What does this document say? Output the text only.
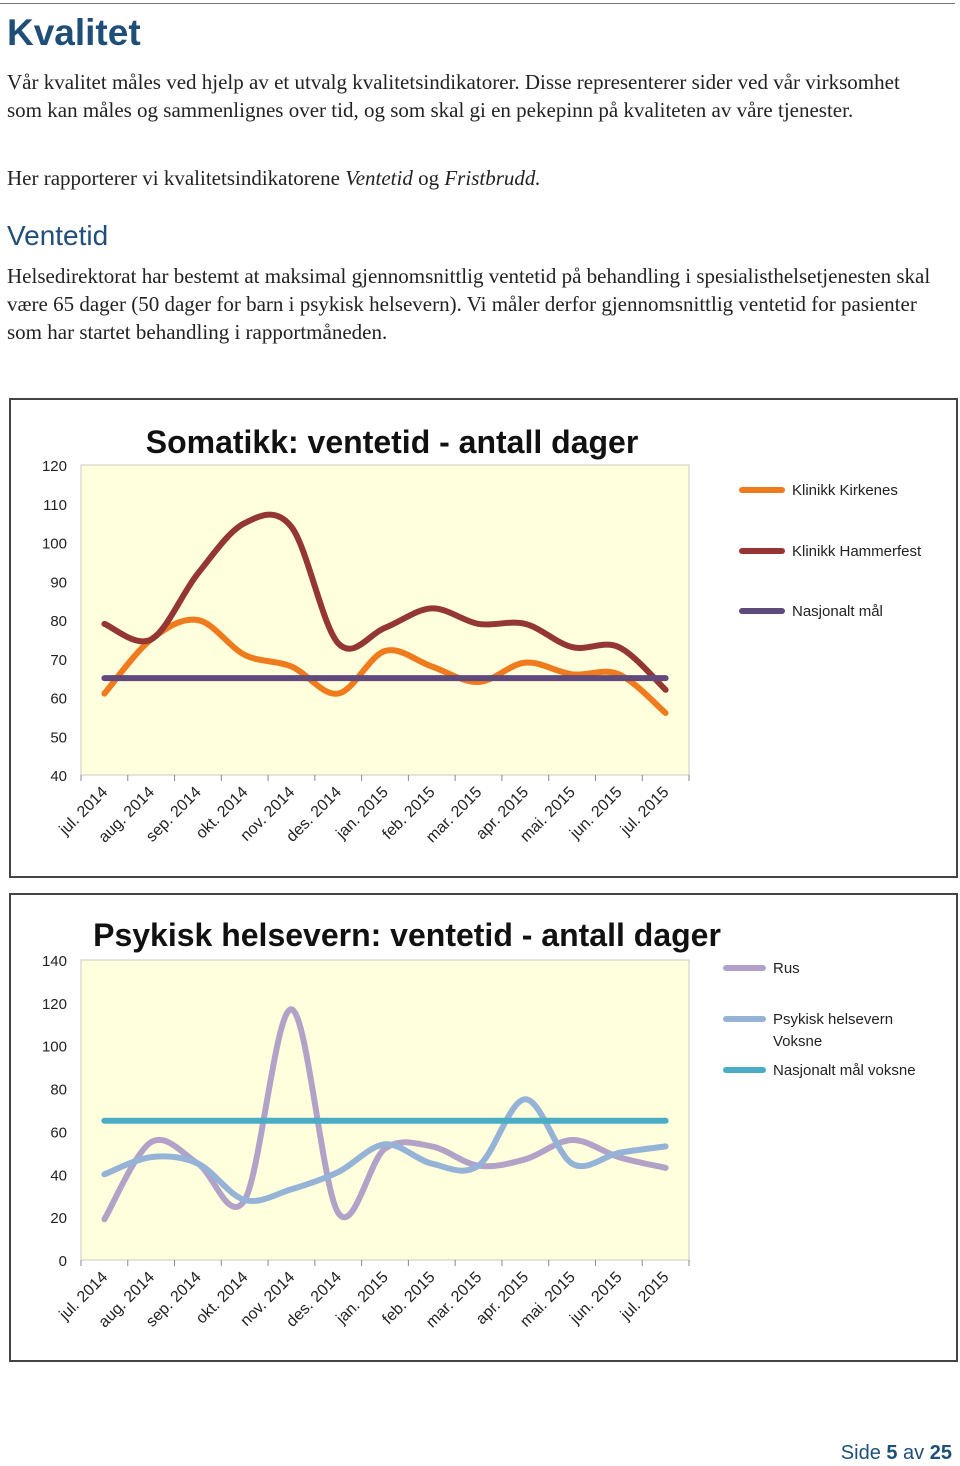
Kvalitet

Vår kvalitet måles ved hjelp av et utvalg kvalitetsindikatorer. Disse representerer sider ved vår virksomhet som kan måles og sammenlignes over tid, og som skal gi en pekepinn på kvaliteten av våre tjenester.

Her rapporterer vi kvalitetsindikatorene Ventetid og Fristbrudd.

Ventetid

Helsedirektorat har bestemt at maksimal gjennomsnittlig ventetid på behandling i spesialisthelsetjenesten skal være 65 dager (50 dager for barn i psykisk helsevern). Vi måler derfor gjennomsnittlig ventetid for pasienter som har startet behandling i rapportmåneden.

Somatikk: ventetid - antall dager
40
50
60
70
80
90
100
110
120
jul. 2014
aug. 2014
sep. 2014
okt. 2014
nov. 2014
des. 2014
jan. 2015
feb. 2015
mar. 2015
apr. 2015
mai. 2015
jun. 2015
jul. 2015
Klinikk Kirkenes
Klinikk Hammerfest
Nasjonalt mål
Psykisk helsevern: ventetid - antall dager
0
20
40
60
80
100
120
140
jul. 2014
aug. 2014
sep. 2014
okt. 2014
nov. 2014
des. 2014
jan. 2015
feb. 2015
mar. 2015
apr. 2015
mai. 2015
jun. 2015
jul. 2015
Rus
Psykisk helsevern Voksne
Nasjonalt mål voksne
Side 5 av 25
